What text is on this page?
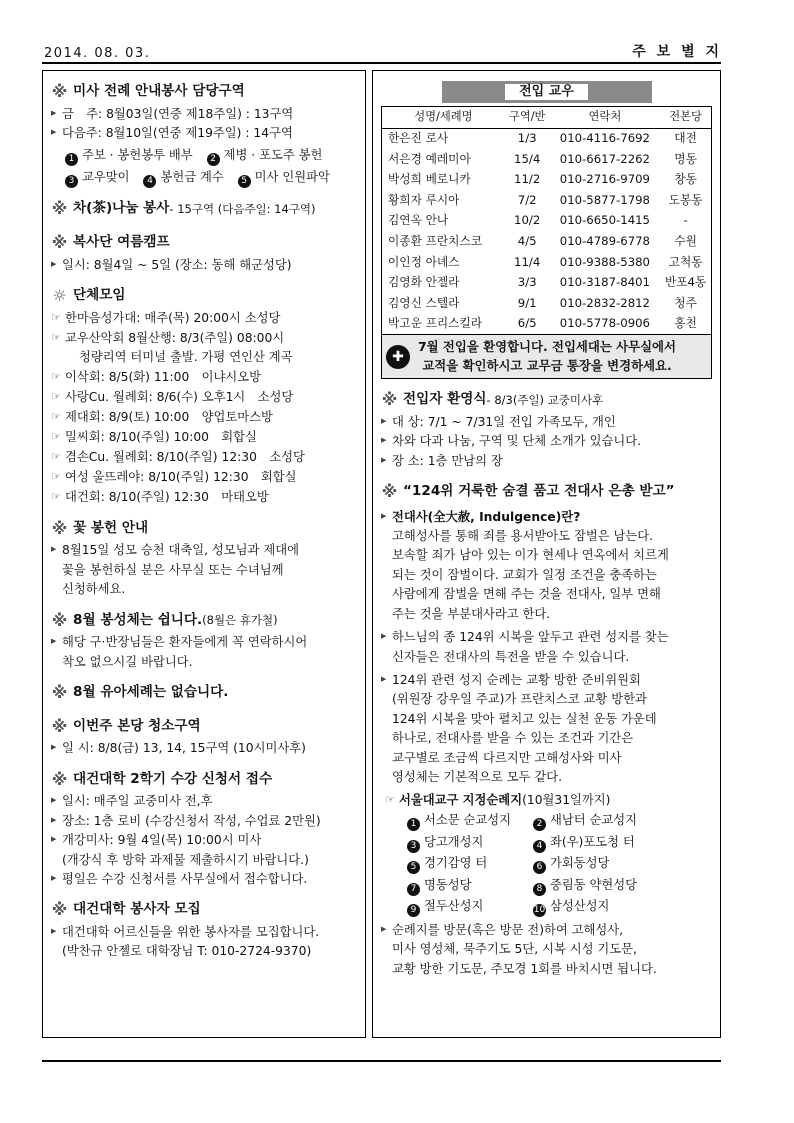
2014. 08. 03.	주 보 별 지
※ 미사 전례 안내봉사 담당구역
▶ 금　주: 8월03일(연중 제18주일) : 13구역
▶ 다음주: 8월10일(연중 제19주일) : 14구역
1 주보 · 봉헌봉투 배부 2 제병 · 포도주 봉헌
3 교우맞이 4 봉헌금 계수 5 미사 인원파악
※ 차(茶)나눔 봉사 - 15구역 (다음주일: 14구역)
※ 복사단 여름캠프
▶ 일시: 8월4일 ~ 5일 (장소: 동해 해군성당)
☼ 단체모임
☞ 한마음성가대: 매주(목) 20:00시 소성당
☞ 교우산악회 8월산행: 8/3(주일) 08:00시
청량리역 터미널 출발. 가평 연인산 계곡
☞ 이삭회: 8/5(화) 11:00　이냐시오방
☞ 사랑Cu. 월례회: 8/6(수) 오후1시　소성당
☞ 제대회: 8/9(토) 10:00　양업토마스방
☞ 밀씨회: 8/10(주일) 10:00　회합실
☞ 겸손Cu. 월례회: 8/10(주일) 12:30　소성당
☞ 여성 울뜨레야: 8/10(주일) 12:30　회합실
☞ 대건회: 8/10(주일) 12:30　마태오방
※ 꽃 봉헌 안내
▶ 8월15일 성모 승천 대축일, 성모님과 제대에
꽃을 봉헌하실 분은 사무실 또는 수녀님께
신청하세요.
※ 8월 봉성체는 쉽니다. (8월은 휴가철)
▶ 해당 구·반장님들은 환자들에게 꼭 연락하시어
착오 없으시길 바랍니다.
※ 8월 유아세례는 없습니다.
※ 이번주 본당 청소구역
▶ 일 시: 8/8(금) 13, 14, 15구역 (10시미사후)
※ 대건대학 2학기 수강 신청서 접수
▶ 일시: 매주일 교중미사 전,후
▶ 장소: 1층 로비 (수강신청서 작성, 수업료 2만원)
▶ 개강미사: 9월 4일(목) 10:00시 미사
(개강식 후 방학 과제물 제출하시기 바랍니다.)
▶ 평일은 수강 신청서를 사무실에서 접수합니다.
※ 대건대학 봉사자 모집
▶ 대건대학 어르신들을 위한 봉사자를 모집합니다.
(박찬규 안젤로 대학장님 T: 010-2724-9370)
전입 교우
성명/세례명	구역/반	연락처	전본당
한은진 로사	1/3	010-4116-7692	대전
서은경 예레미아	15/4	010-6617-2262	명동
박성희 베로니카	11/2	010-2716-9709	창동
황희자 루시아	7/2	010-5877-1798	도봉동
김연옥 안나	10/2	010-6650-1415	-
이종환 프란치스코	4/5	010-4789-6778	수원
이인정 아녜스	11/4	010-9388-5380	고척동
김영화 안젤라	3/3	010-3187-8401	반포4동
김영신 스텔라	9/1	010-2832-2812	청주
박고운 프리스킬라	6/5	010-5778-0906	홍천
✚
7월 전입을 환영합니다. 전입세대는 사무실에서
교적을 확인하시고 교무금 통장을 변경하세요.
※ 전입자 환영식 - 8/3(주일) 교중미사후
▶ 대 상: 7/1 ~ 7/31일 전입 가족모두, 개인
▶ 차와 다과 나눔, 구역 및 단체 소개가 있습니다.
▶ 장 소: 1층 만남의 장
※ “124위 거룩한 숨결 품고 전대사 은총 받고”
▶ 전대사(全大赦, Indulgence)란?
고해성사를 통해 죄를 용서받아도 잠벌은 남는다.
보속할 죄가 남아 있는 이가 현세나 연옥에서 치르게
되는 것이 잠벌이다. 교회가 일정 조건을 충족하는
사람에게 잠벌을 면해 주는 것을 전대사, 일부 면해
주는 것을 부분대사라고 한다.
▶ 하느님의 종 124위 시복을 앞두고 관련 성지를 찾는
신자들은 전대사의 특전을 받을 수 있습니다.
▶ 124위 관련 성지 순례는 교황 방한 준비위원회
(위원장 강우일 주교)가 프란치스코 교황 방한과
124위 시복을 맞아 펼치고 있는 실천 운동 가운데
하나로, 전대사를 받을 수 있는 조건과 기간은
교구별로 조금씩 다르지만 고해성사와 미사
영성체는 기본적으로 모두 같다.
☞ 서울대교구 지정순례지 (10월31일까지)
1 서소문 순교성지	2 새남터 순교성지
3 당고개성지	4 좌(우)포도청 터
5 경기감영 터	6 가회동성당
7 명동성당	8 중림동 약현성당
9 절두산성지	10 삼성산성지
▶ 순례지를 방문(혹은 방문 전)하여 고해성사,
미사 영성체, 묵주기도 5단, 시복 시성 기도문,
교황 방한 기도문, 주모경 1회를 바치시면 됩니다.
